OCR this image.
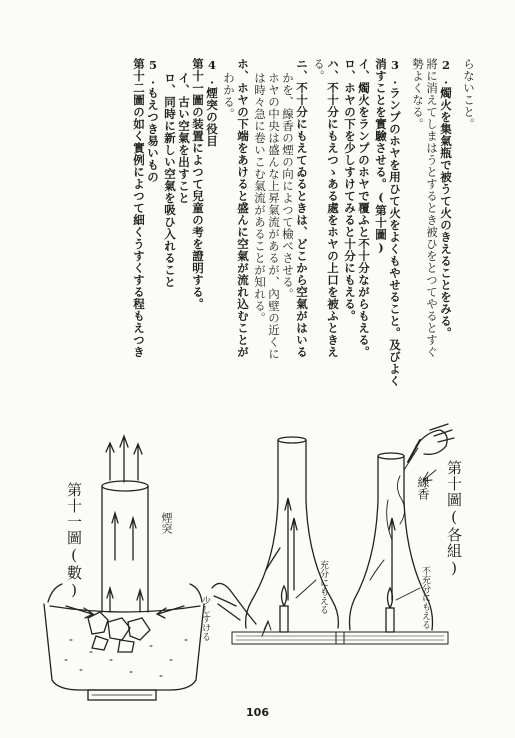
らないこと。
2.燭火を集氣瓶で被うて火のきえることをみる。
將に消えてしまはうとするとき被ひをとつてやるとすぐ
勢よくなる。
3.ランプのホヤを用ひて火をよくもやせること。及びよく
消すことを實驗させる。(第十圖)
イ、燭火をランプのホヤで覆ふと不十分ながらもえる。
ロ、ホヤの下を少しすけてみると十分にもえる。
ハ、不十分にもえつゝある處をホヤの上口を被ふときえ
る。
ニ、不十分にもえてゐるときは、どこから空氣がはいる
かを、線香の煙の向によつて檢べさせる。
ホヤの中央は盛んな上昇氣流があるが、內壁の近くに
は時々急に卷いこむ氣流があることが知れる。
ホ、ホヤの下端をあけると盛んに空氣が流れ込むことが
わかる。
4.煙突の役目
第十一圖の装置によつて兒童の考を證明する。
イ、古い空氣を出すこと
ロ、同時に新しい空氣を吸ひ入れること
5.もえつき易いもの
第十二圖の如く實例によつて細くうすくする程もえつき
第十一圖(數)	煙突	第十圖(各組)
線香
充分にもえる	不充分にもえる
少しすける
106
